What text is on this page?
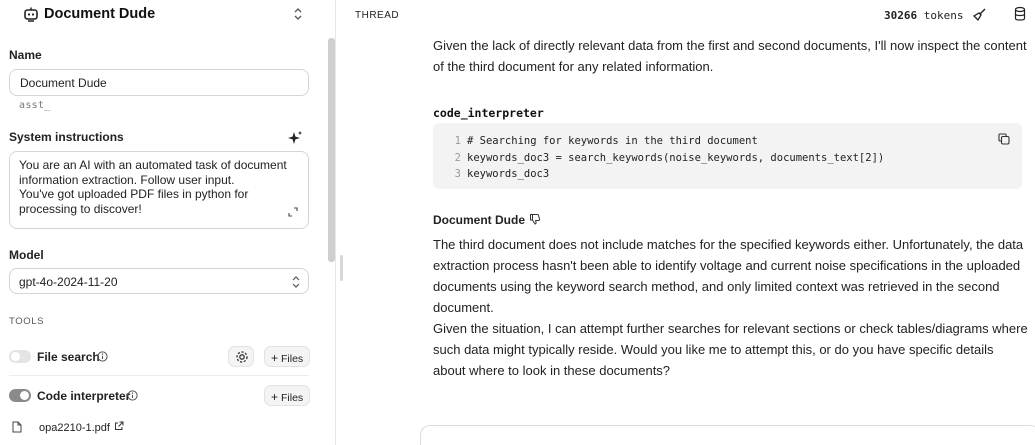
Document Dude
Name
Document Dude
asst_
System instructions
You are an AI with an automated task of document information extraction. Follow user input.
You've got uploaded PDF files in python for processing to discover!
Model
gpt-4o-2024-11-20
TOOLS
File search	+ Files
Code interpreter	+ Files
opa2210-1.pdf
THREAD	30266 tokens
Given the lack of directly relevant data from the first and second documents, I'll now inspect the content of the third document for any related information.
code_interpreter
1 # Searching for keywords in the third document
2 keywords_doc3 = search_keywords(noise_keywords, documents_text[2])
3 keywords_doc3
Document Dude
The third document does not include matches for the specified keywords either. Unfortunately, the data extraction process hasn't been able to identify voltage and current noise specifications in the uploaded documents using the keyword search method, and only limited context was retrieved in the second document.
Given the situation, I can attempt further searches for relevant sections or check tables/diagrams where such data might typically reside. Would you like me to attempt this, or do you have specific details about where to look in these documents?
